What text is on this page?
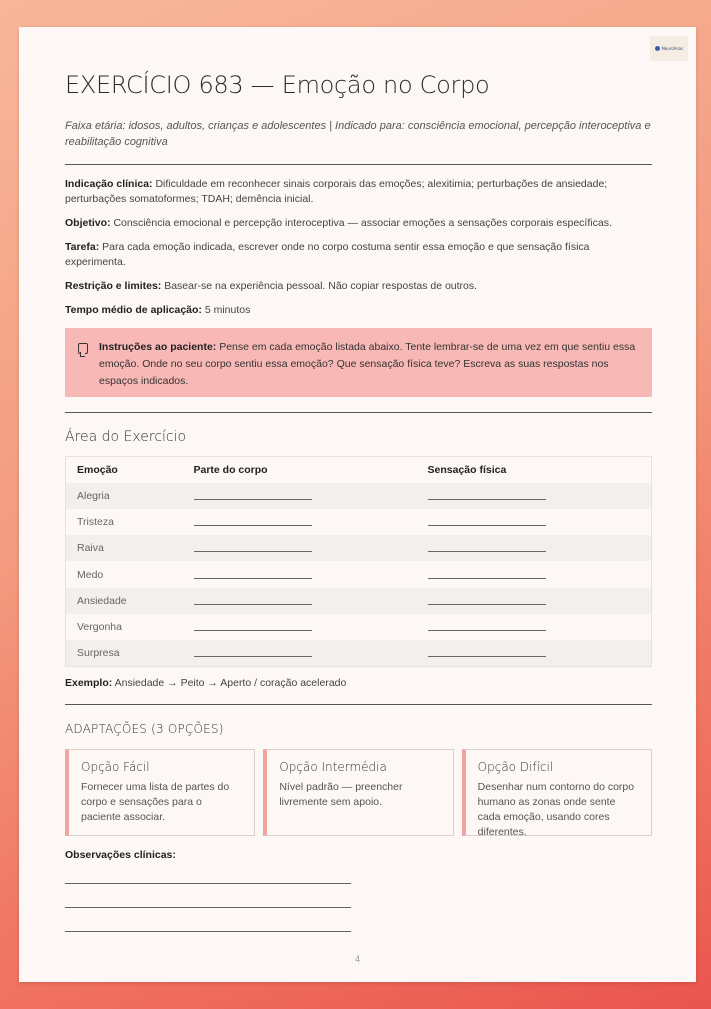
NeuroAsas
EXERCÍCIO 683 — Emoção no Corpo

Faixa etária: idosos, adultos, crianças e adolescentes | Indicado para: consciência emocional, percepção interoceptiva e reabilitação cognitiva

Indicação clínica: Dificuldade em reconhecer sinais corporais das emoções; alexitimia; perturbações de ansiedade; perturbações somatoformes; TDAH; demência inicial.

Objetivo: Consciência emocional e percepção interoceptiva — associar emoções a sensações corporais específicas.

Tarefa: Para cada emoção indicada, escrever onde no corpo costuma sentir essa emoção e que sensação física experimenta.

Restrição e limites: Basear-se na experiência pessoal. Não copiar respostas de outros.

Tempo médio de aplicação: 5 minutos

Instruções ao paciente: Pense em cada emoção listada abaixo. Tente lembrar-se de uma vez em que sentiu essa emoção. Onde no seu corpo sentiu essa emoção? Que sensação física teve? Escreva as suas respostas nos espaços indicados.
Área do Exercício
Emoção	Parte do corpo	Sensação física
Alegria		
Tristeza		
Raiva		
Medo		
Ansiedade		
Vergonha		
Surpresa		

Exemplo: Ansiedade → Peito → Aperto / coração acelerado

ADAPTAÇÕES (3 OPÇÕES)
Opção Fácil

Fornecer uma lista de partes do corpo e sensações para o paciente associar.

Opção Intermédia

Nível padrão — preencher livremente sem apoio.

Opção Difícil

Desenhar num contorno do corpo humano as zonas onde sente cada emoção, usando cores diferentes.

Observações clínicas:

4
